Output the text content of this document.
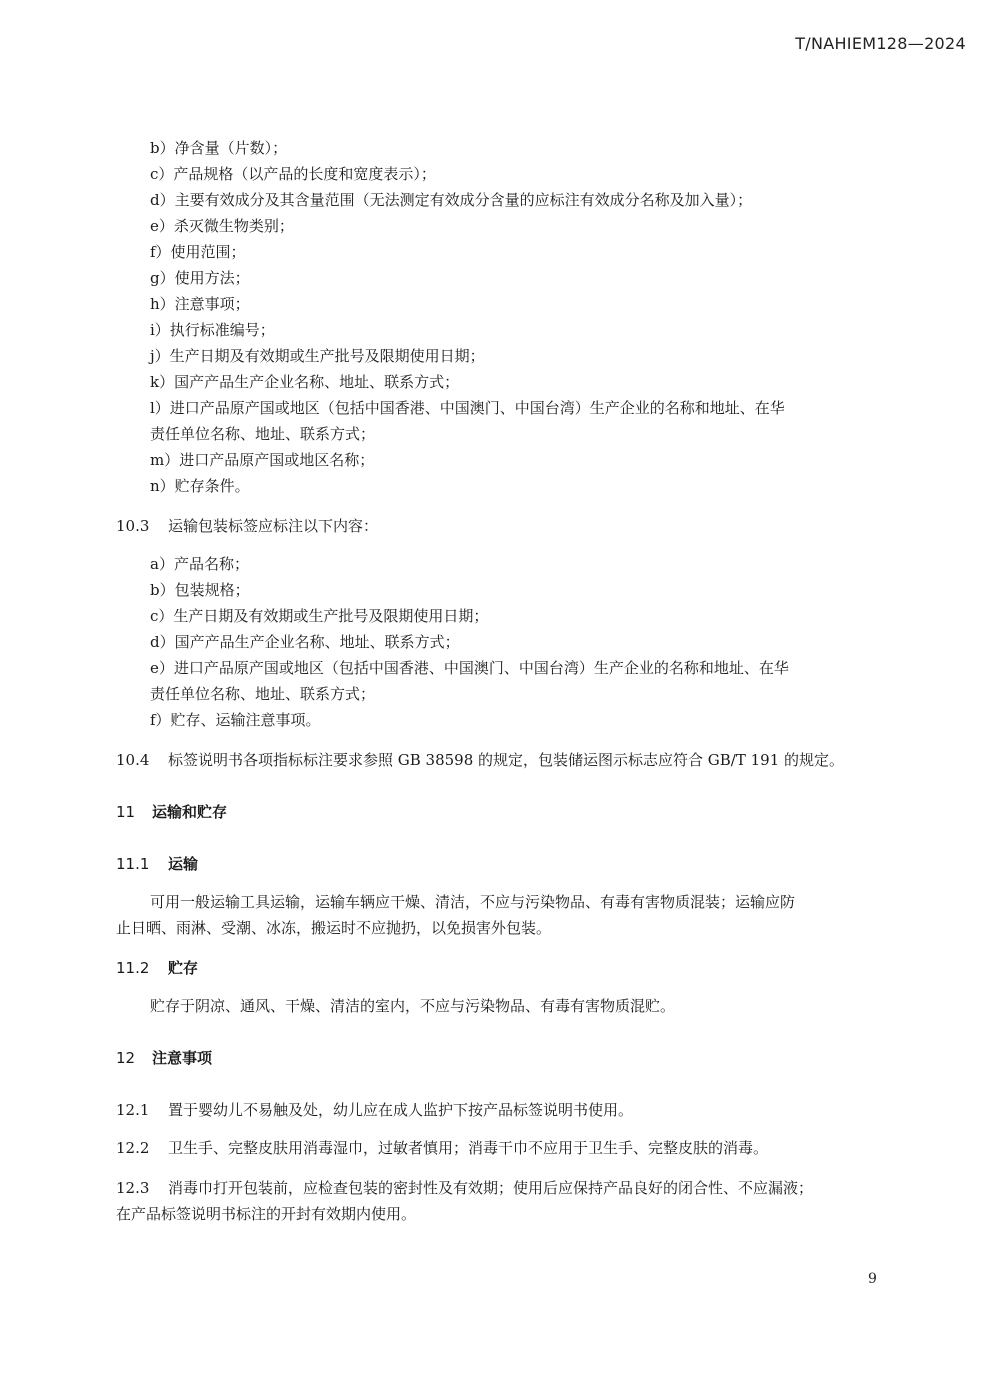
T/NAHIEM128—2024
b）净含量（片数）；
c）产品规格（以产品的长度和宽度表示）；
d）主要有效成分及其含量范围（无法测定有效成分含量的应标注有效成分名称及加入量）；
e）杀灭微生物类别；
f）使用范围；
g）使用方法；
h）注意事项；
i）执行标准编号；
j）生产日期及有效期或生产批号及限期使用日期；
k）国产产品生产企业名称、地址、联系方式；
l）进口产品原产国或地区（包括中国香港、中国澳门、中国台湾）生产企业的名称和地址、在华
责任单位名称、地址、联系方式；
m）进口产品原产国或地区名称；
n）贮存条件。
10.3 运输包装标签应标注以下内容：
a）产品名称；
b）包装规格；
c）生产日期及有效期或生产批号及限期使用日期；
d）国产产品生产企业名称、地址、联系方式；
e）进口产品原产国或地区（包括中国香港、中国澳门、中国台湾）生产企业的名称和地址、在华
责任单位名称、地址、联系方式；
f）贮存、运输注意事项。
10.4 标签说明书各项指标标注要求参照 GB 38598 的规定，包装储运图示标志应符合 GB/T 191 的规定。
11 运输和贮存
11.1 运输
可用一般运输工具运输，运输车辆应干燥、清洁，不应与污染物品、有毒有害物质混装；运输应防
止日晒、雨淋、受潮、冰冻，搬运时不应抛扔，以免损害外包装。
11.2 贮存
贮存于阴凉、通风、干燥、清洁的室内，不应与污染物品、有毒有害物质混贮。
12 注意事项
12.1 置于婴幼儿不易触及处，幼儿应在成人监护下按产品标签说明书使用。
12.2 卫生手、完整皮肤用消毒湿巾，过敏者慎用；消毒干巾不应用于卫生手、完整皮肤的消毒。
12.3 消毒巾打开包装前，应检查包装的密封性及有效期；使用后应保持产品良好的闭合性、不应漏液；
在产品标签说明书标注的开封有效期内使用。
9
